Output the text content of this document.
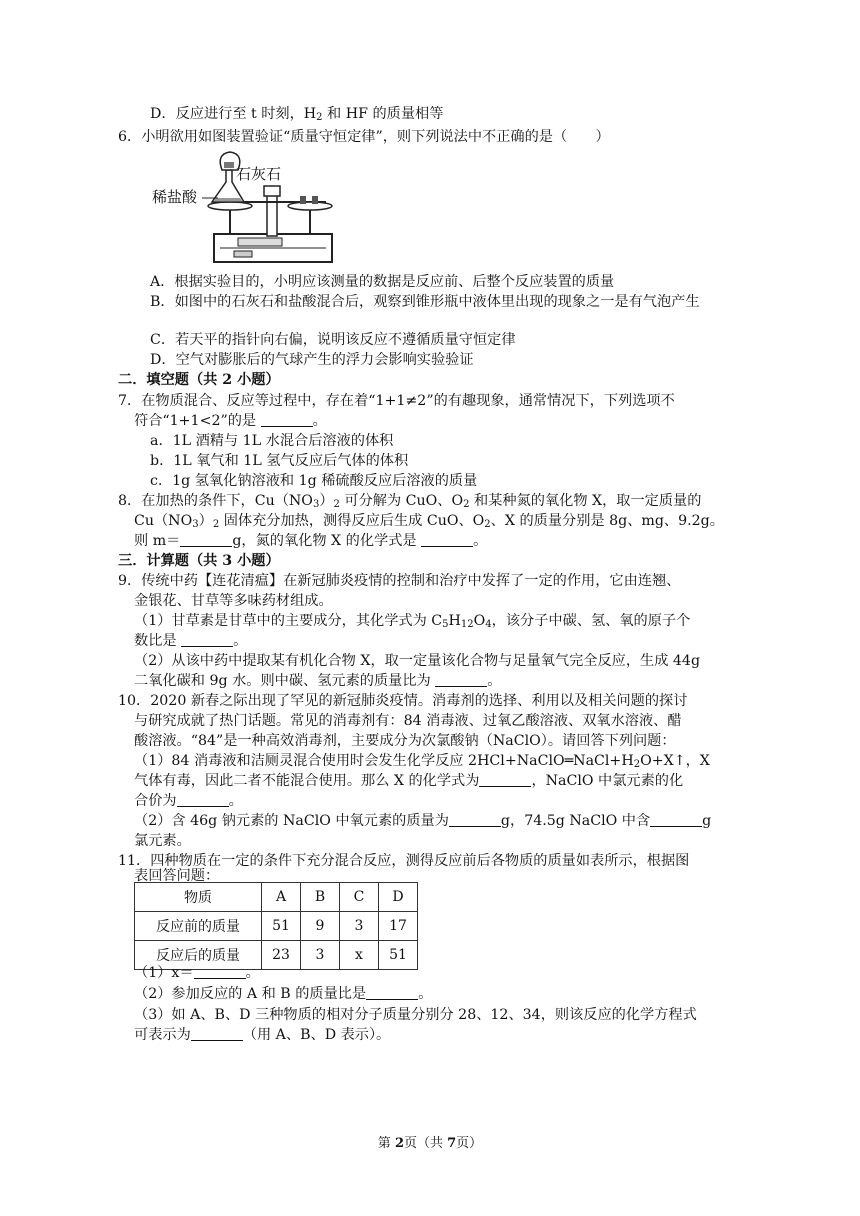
D．反应进行至 t 时刻，$H_2$ 和 HF 的质量相等
6．小明欲用如图装置验证“质量守恒定律”，则下列说法中不正确的是（　　）
石灰石
稀盐酸
A．根据实验目的，小明应该测量的数据是反应前、后整个反应装置的质量
B．如图中的石灰石和盐酸混合后，观察到锥形瓶中液体里出现的现象之一是有气泡产生
C．若天平的指针向右偏，说明该反应不遵循质量守恒定律
D．空气对膨胀后的气球产生的浮力会影响实验验证
二．填空题（共 2 小题）
7．在物质混合、反应等过程中，存在着“1+1≠2”的有趣现象，通常情况下，下列选项不
符合“1+1<2”的是	。
a．1L 酒精与 1L 水混合后溶液的体积
b．1L 氧气和 1L 氢气反应后气体的体积
c．1g 氢氧化钠溶液和 1g 稀硫酸反应后溶液的质量
8．在加热的条件下，$Cu(NO_3)_2$ 可分解为 CuO、$O_2$ 和某种氮的氧化物 X，取一定质量的
$Cu(NO_3)_2$ 固体充分加热，测得反应后生成 CuO、$O_2$、X 的质量分别是 8g、mg、9.2g。
则 m＝	g，氮的氧化物 X 的化学式是	。
三．计算题（共 3 小题）
9．传统中药【连花清瘟】在新冠肺炎疫情的控制和治疗中发挥了一定的作用，它由连翘、
金银花、甘草等多味药材组成。
（1）甘草素是甘草中的主要成分，其化学式为 $C_5H_{12}O_4$，该分子中碳、氢、氧的原子个
数比是	。
（2）从该中药中提取某有机化合物 X，取一定量该化合物与足量氧气完全反应，生成 44g
二氧化碳和 9g 水。则中碳、氢元素的质量比为	。
10．2020 新春之际出现了罕见的新冠肺炎疫情。消毒剂的选择、利用以及相关问题的探讨
与研究成就了热门话题。常见的消毒剂有：84 消毒液、过氧乙酸溶液、双氧水溶液、醋
酸溶液。“84”是一种高效消毒剂，主要成分为次氯酸钠（NaClO）。请回答下列问题：
（1）84 消毒液和洁厕灵混合使用时会发生化学反应 $2HCl+NaClO═NaCl+H_2O+X↑$，X
气体有毒，因此二者不能混合使用。那么 X 的化学式为	，NaClO 中氯元素的化
合价为	。
（2）含 46g 钠元素的 NaClO 中氧元素的质量为	g，74.5g NaClO 中含	g
氯元素。
11．四种物质在一定的条件下充分混合反应，测得反应前后各物质的质量如表所示，根据图
表回答问题：
物质	A	B	C	D
反应前的质量	51	9	3	17
反应后的质量	23	3	x	51
（1）x＝	。
（2）参加反应的 A 和 B 的质量比是	。
（3）如 A、B、D 三种物质的相对分子质量分别分 28、12、34，则该反应的化学方程式
可表示为	（用 A、B、D 表示）。
第 2页（共 7页）
